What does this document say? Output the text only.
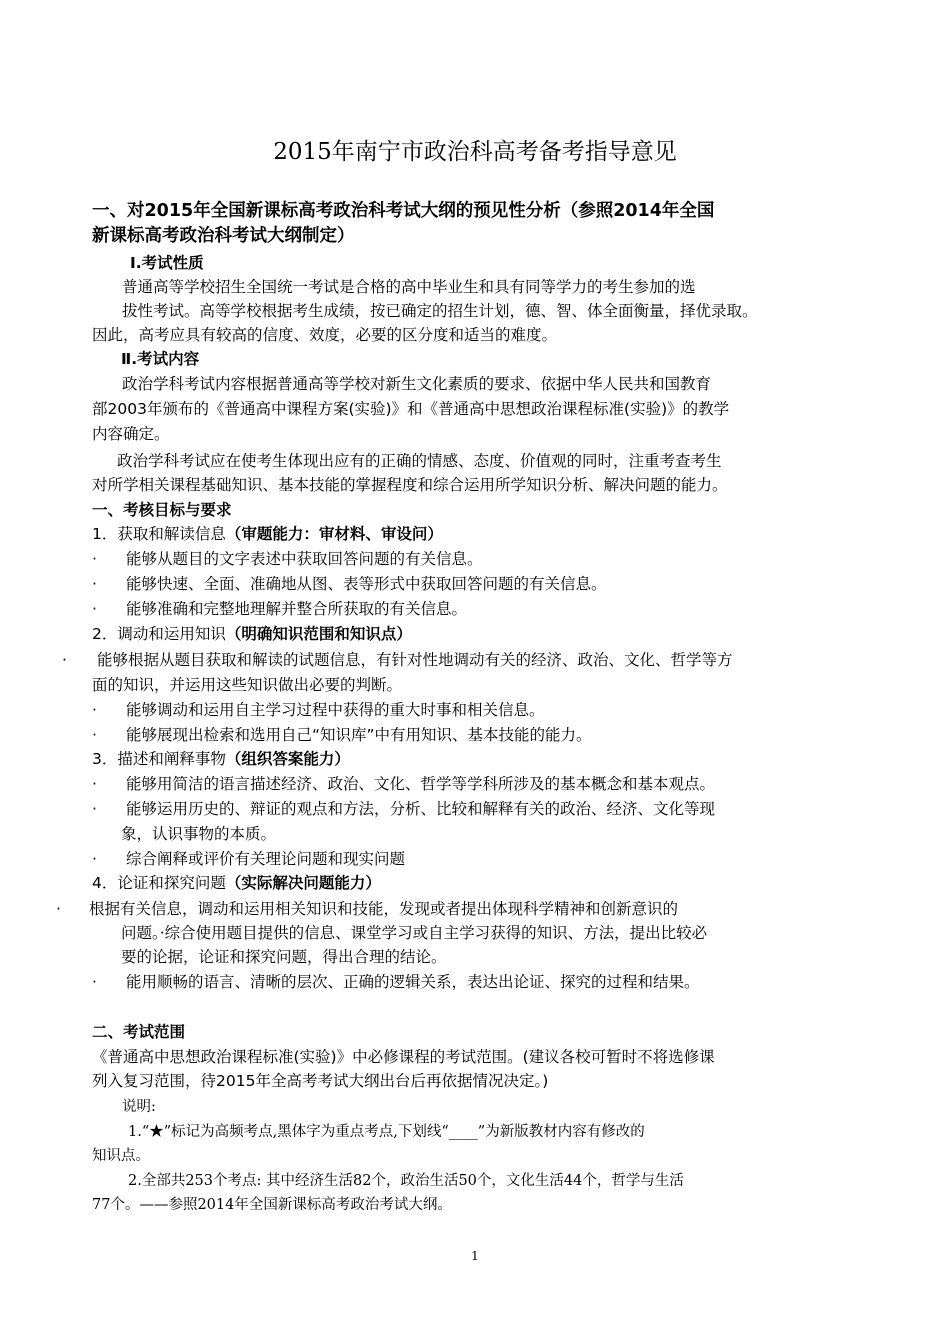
2015年南宁市政治科高考备考指导意见
一、对2015年全国新课标高考政治科考试大纲的预见性分析（参照2014年全国
新课标高考政治科考试大纲制定）
Ⅰ.考试性质
普通高等学校招生全国统一考试是合格的高中毕业生和具有同等学力的考生参加的选
拔性考试。高等学校根据考生成绩，按已确定的招生计划，德、智、体全面衡量，择优录取。
因此，高考应具有较高的信度、效度，必要的区分度和适当的难度。
Ⅱ.考试内容
政治学科考试内容根据普通高等学校对新生文化素质的要求、依据中华人民共和国教育
部2003年颁布的《普通高中课程方案(实验)》和《普通高中思想政治课程标准(实验)》的教学
内容确定。
政治学科考试应在使考生体现出应有的正确的情感、态度、价值观的同时，注重考查考生
对所学相关课程基础知识、基本技能的掌握程度和综合运用所学知识分析、解决问题的能力。
一、考核目标与要求
1．获取和解读信息（审题能力：审材料、审设问）
· 能够从题目的文字表述中获取回答问题的有关信息。
· 能够快速、全面、准确地从图、表等形式中获取回答问题的有关信息。
· 能够准确和完整地理解并整合所获取的有关信息。
2．调动和运用知识（明确知识范围和知识点）
· 能够根据从题目获取和解读的试题信息，有针对性地调动有关的经济、政治、文化、哲学等方
面的知识，并运用这些知识做出必要的判断。
· 能够调动和运用自主学习过程中获得的重大时事和相关信息。
· 能够展现出检索和选用自己“知识库”中有用知识、基本技能的能力。
3．描述和阐释事物（组织答案能力）
· 能够用简洁的语言描述经济、政治、文化、哲学等学科所涉及的基本概念和基本观点。
· 能够运用历史的、辩证的观点和方法，分析、比较和解释有关的政治、经济、文化等现
象，认识事物的本质。
· 综合阐释或评价有关理论问题和现实问题
4．论证和探究问题（实际解决问题能力）
· 根据有关信息，调动和运用相关知识和技能，发现或者提出体现科学精神和创新意识的
问题。·综合使用题目提供的信息、课堂学习或自主学习获得的知识、方法，提出比较必
要的论据，论证和探究问题，得出合理的结论。
· 能用顺畅的语言、清晰的层次、正确的逻辑关系，表达出论证、探究的过程和结果。
二、考试范围
《普通高中思想政治课程标准(实验)》中必修课程的考试范围。(建议各校可暂时不将选修课
列入复习范围，待2015年全高考考试大纲出台后再依据情况决定。)
说明:
1.“★”标记为高频考点,黑体字为重点考点,下划线“____”为新版教材内容有修改的
知识点。
2.全部共253个考点: 其中经济生活82个，政治生活50个，文化生活44个，哲学与生活
77个。——参照2014年全国新课标高考政治考试大纲。
1
